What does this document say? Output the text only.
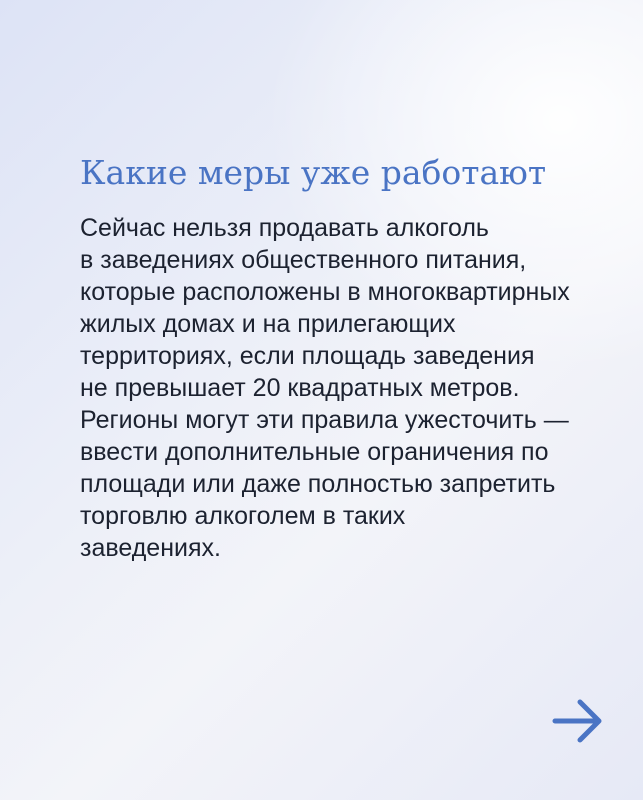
Какие меры уже работают
Сейчас нельзя продавать алкоголь
в заведениях общественного питания,
которые расположены в многоквартирных
жилых домах и на прилегающих
территориях, если площадь заведения
не превышает 20 квадратных метров.
Регионы могут эти правила ужесточить —
ввести дополнительные ограничения по
площади или даже полностью запретить
торговлю алкоголем в таких
заведениях.
